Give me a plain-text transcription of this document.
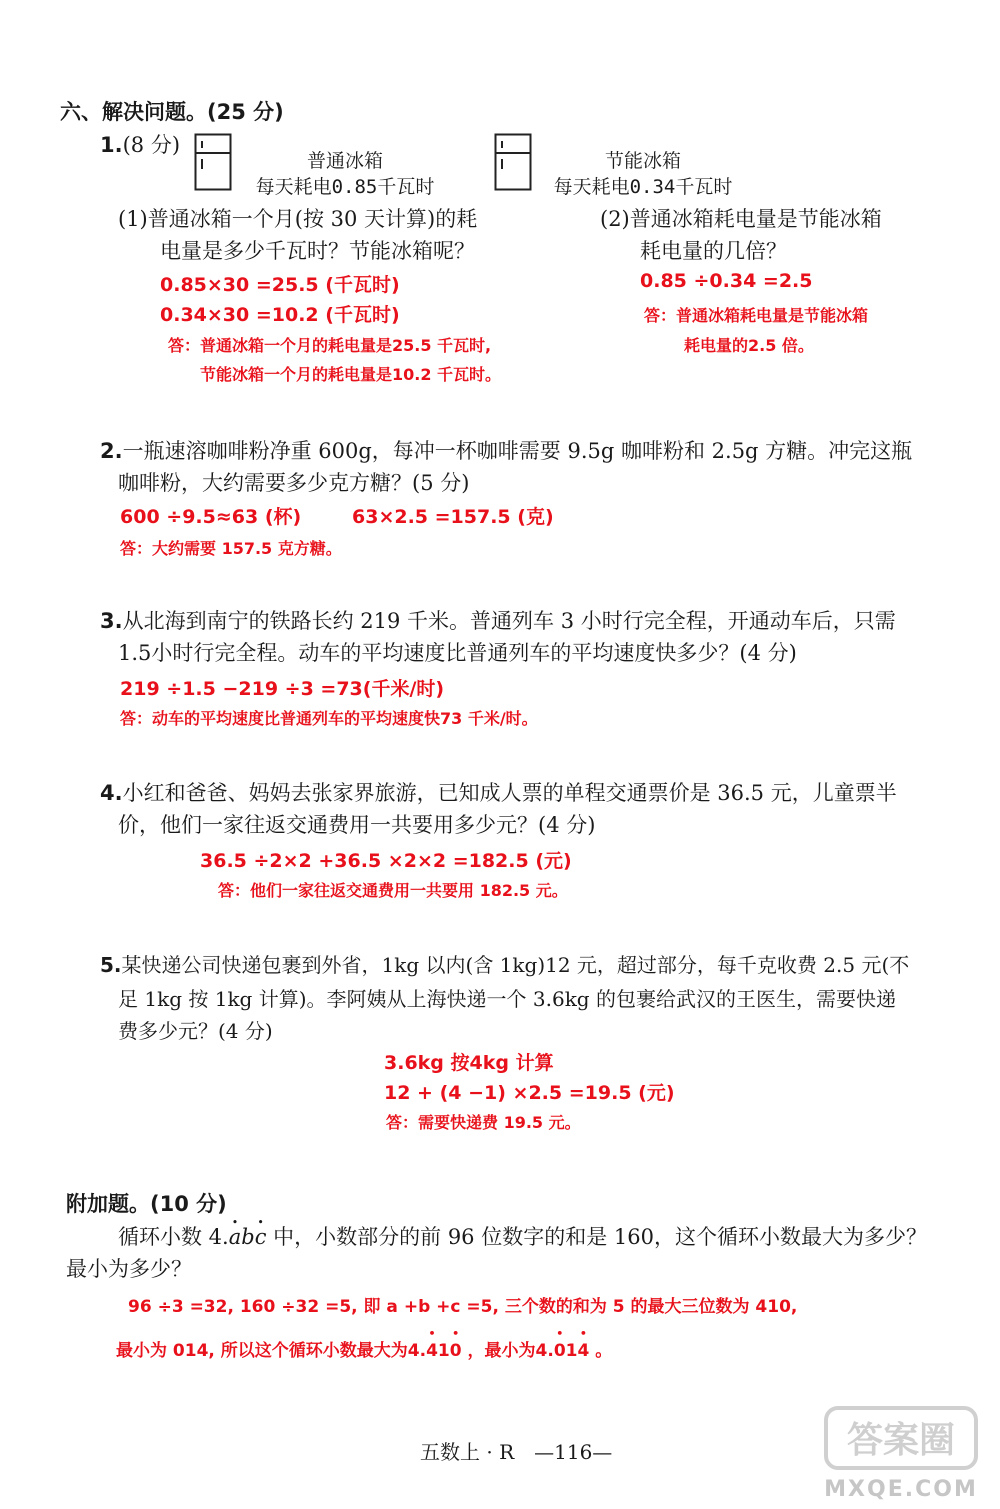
六、解决问题。(25 分)
1.(8 分)
普通冰箱
每天耗电0.85千瓦时
节能冰箱
每天耗电0.34千瓦时
(1)普通冰箱一个月(按 30 天计算)的耗
电量是多少千瓦时？节能冰箱呢？
0.85×30 =25.5 (千瓦时)
0.34×30 =10.2 (千瓦时)
答：普通冰箱一个月的耗电量是25.5 千瓦时,
节能冰箱一个月的耗电量是10.2 千瓦时。
(2)普通冰箱耗电量是节能冰箱
耗电量的几倍？
0.85 ÷0.34 =2.5
答：普通冰箱耗电量是节能冰箱
耗电量的2.5 倍。
2.一瓶速溶咖啡粉净重 600g，每冲一杯咖啡需要 9.5g 咖啡粉和 2.5g 方糖。冲完这瓶
咖啡粉，大约需要多少克方糖？(5 分)
600 ÷9.5≈63 (杯)	63×2.5 =157.5 (克)
答：大约需要 157.5 克方糖。
3.从北海到南宁的铁路长约 219 千米。普通列车 3 小时行完全程，开通动车后，只需
1.5小时行完全程。动车的平均速度比普通列车的平均速度快多少？(4 分)
219 ÷1.5 −219 ÷3 =73(千米/时)
答：动车的平均速度比普通列车的平均速度快73 千米/时。
4.小红和爸爸、妈妈去张家界旅游，已知成人票的单程交通票价是 36.5 元，儿童票半
价，他们一家往返交通费用一共要用多少元？(4 分)
36.5 ÷2×2 +36.5 ×2×2 =182.5 (元)
答：他们一家往返交通费用一共要用 182.5 元。
5.某快递公司快递包裹到外省，1kg 以内(含 1kg)12 元，超过部分，每千克收费 2.5 元(不
足 1kg 按 1kg 计算)。李阿姨从上海快递一个 3.6kg 的包裹给武汉的王医生，需要快递
费多少元？(4 分)
3.6kg 按4kg 计算
12 + (4 −1) ×2.5 =19.5 (元)
答：需要快递费 19.5 元。
附加题。(10 分)
循环小数 4.• ab• c 中，小数部分的前 96 位数字的和是 160，这个循环小数最大为多少？
最小为多少？
96 ÷3 =32, 160 ÷32 =5, 即 a +b +c =5, 三个数的和为 5 的最大三位数为 410,
最小为 014, 所以这个循环小数最大为4.• 41• 0 ，最小为4.• 01• 4 。
五数上 · R　—116—	答案圈
MXQE.COM
